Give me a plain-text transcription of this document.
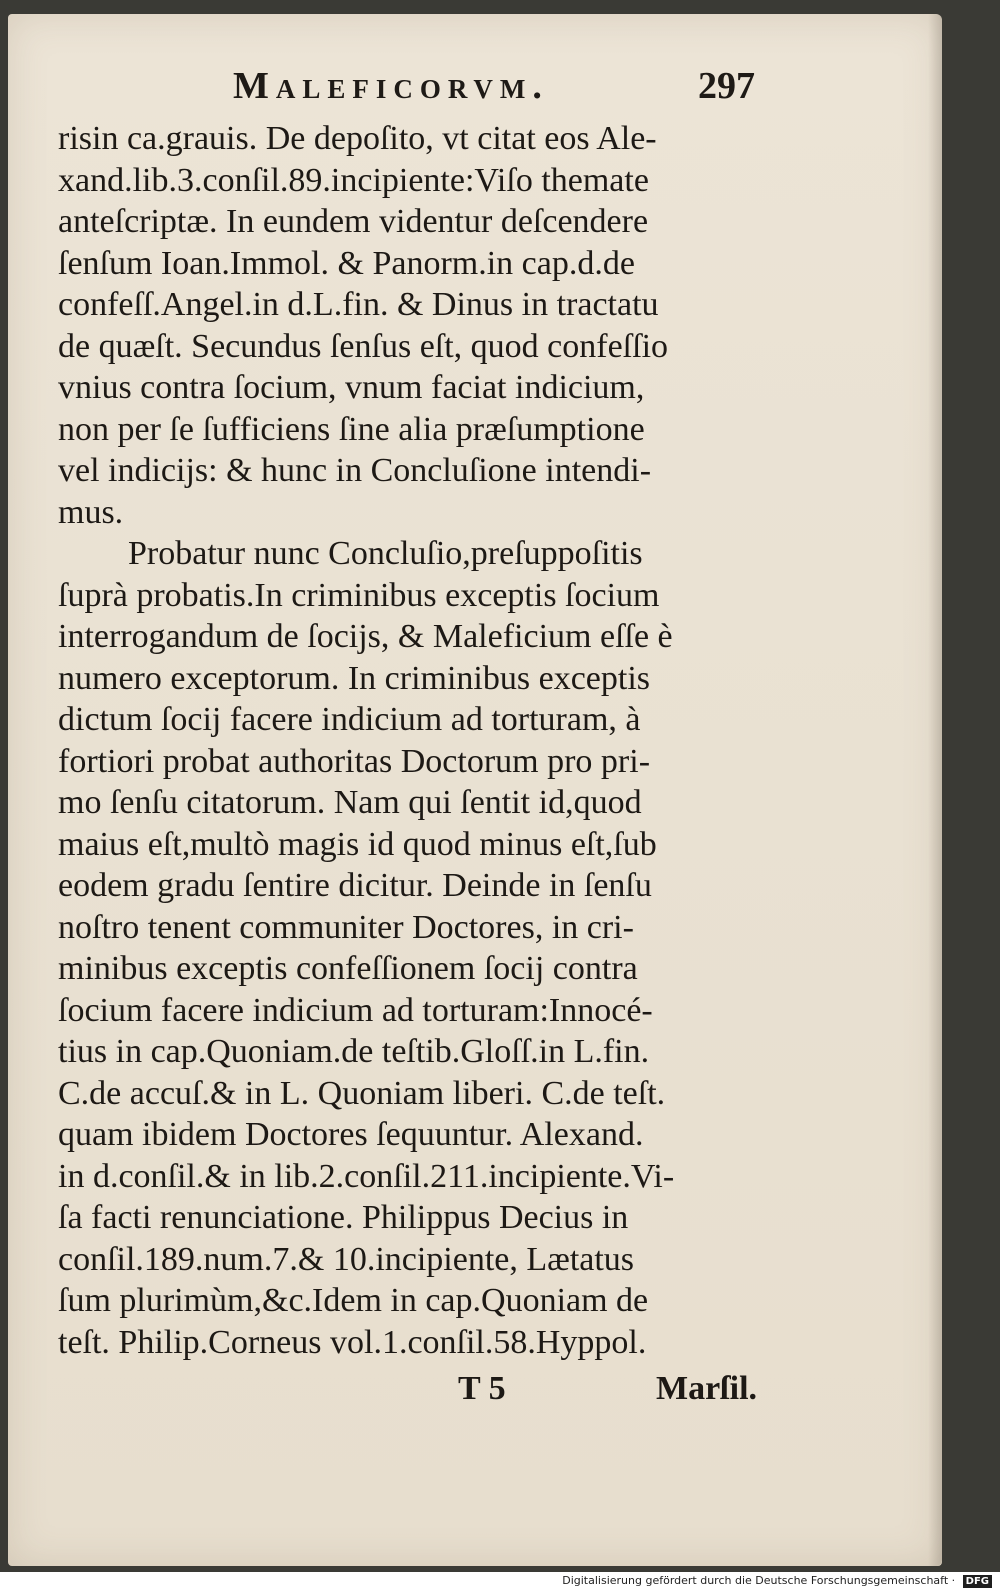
Maleficorvm.	297
risin ca.grauis. De depoſito, vt citat eos Ale-
xand.lib.3.conſil.89.incipiente:Viſo themate
anteſcriptæ. In eundem videntur deſcendere
ſenſum Ioan.Immol. & Panorm.in cap.d.de
confeſſ.Angel.in d.L.fin. & Dinus in tractatu
de quæſt. Secundus ſenſus eſt, quod confeſſio
vnius contra ſocium, vnum faciat indicium,
non per ſe ſufficiens ſine alia præſumptione
vel indicijs: & hunc in Concluſione intendi-
mus.
Probatur nunc Concluſio,preſuppoſitis
ſuprà probatis.In criminibus exceptis ſocium
interrogandum de ſocijs, & Maleficium eſſe è
numero exceptorum. In criminibus exceptis
dictum ſocij facere indicium ad torturam, à
fortiori probat authoritas Doctorum pro pri-
mo ſenſu citatorum. Nam qui ſentit id,quod
maius eſt,multò magis id quod minus eſt,ſub
eodem gradu ſentire dicitur. Deinde in ſenſu
noſtro tenent communiter Doctores, in cri-
minibus exceptis confeſſionem ſocij contra
ſocium facere indicium ad torturam:Innocé-
tius in cap.Quoniam.de teſtib.Gloſſ.in L.fin.
C.de accuſ.& in L. Quoniam liberi. C.de teſt.
quam ibidem Doctores ſequuntur. Alexand.
in d.conſil.& in lib.2.conſil.211.incipiente.Vi-
ſa facti renunciatione. Philippus Decius in
conſil.189.num.7.& 10.incipiente, Lætatus
ſum plurimùm,&c.Idem in cap.Quoniam de
teſt. Philip.Corneus vol.1.conſil.58.Hyppol.
T 5	Marſil.
Digitalisierung gefördert durch die Deutsche Forschungsgemeinschaft · DFG
